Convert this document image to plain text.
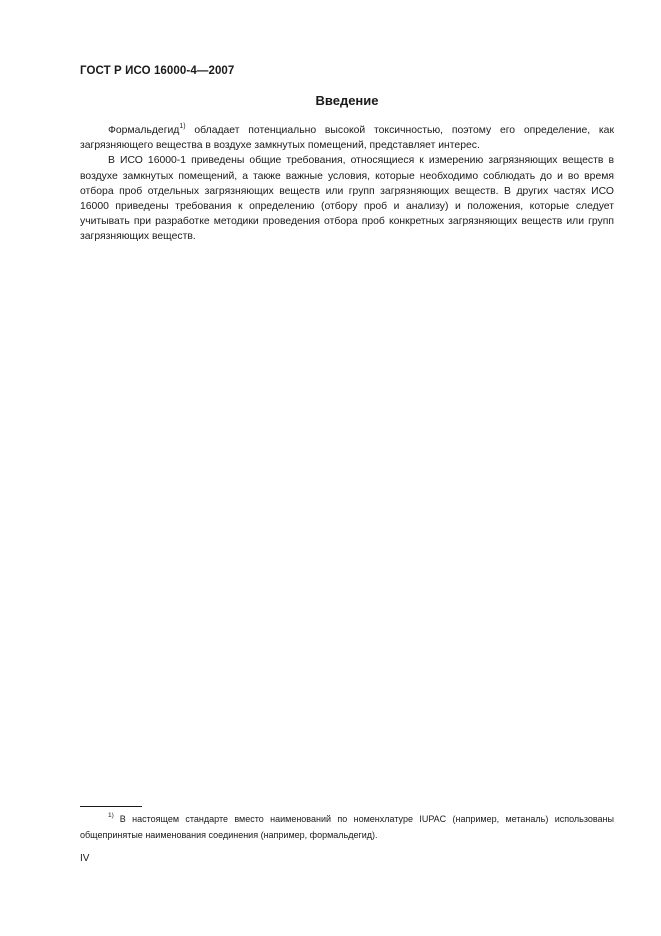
ГОСТ Р ИСО 16000-4—2007
Введение

Формальдегид$^{1)}$ обладает потенциально высокой токсичностью, поэтому его определение, как загрязняющего вещества в воздухе замкнутых помещений, представляет интерес.

В ИСО 16000-1 приведены общие требования, относящиеся к измерению загрязняющих веществ в воздухе замкнутых помещений, а также важные условия, которые необходимо соблюдать до и во время отбора проб отдельных загрязняющих веществ или групп загрязняющих веществ. В других частях ИСО 16000 приведены требования к определению (отбору проб и анализу) и положения, которые следует учитывать при разработке методики проведения отбора проб конкретных загрязняющих веществ или групп загрязняющих веществ.

$^{1)}$ В настоящем стандарте вместо наименований по номенхлатуре IUPAC (например, метаналь) использованы общепринятые наименования соединения (например, формальдегид).

IV
